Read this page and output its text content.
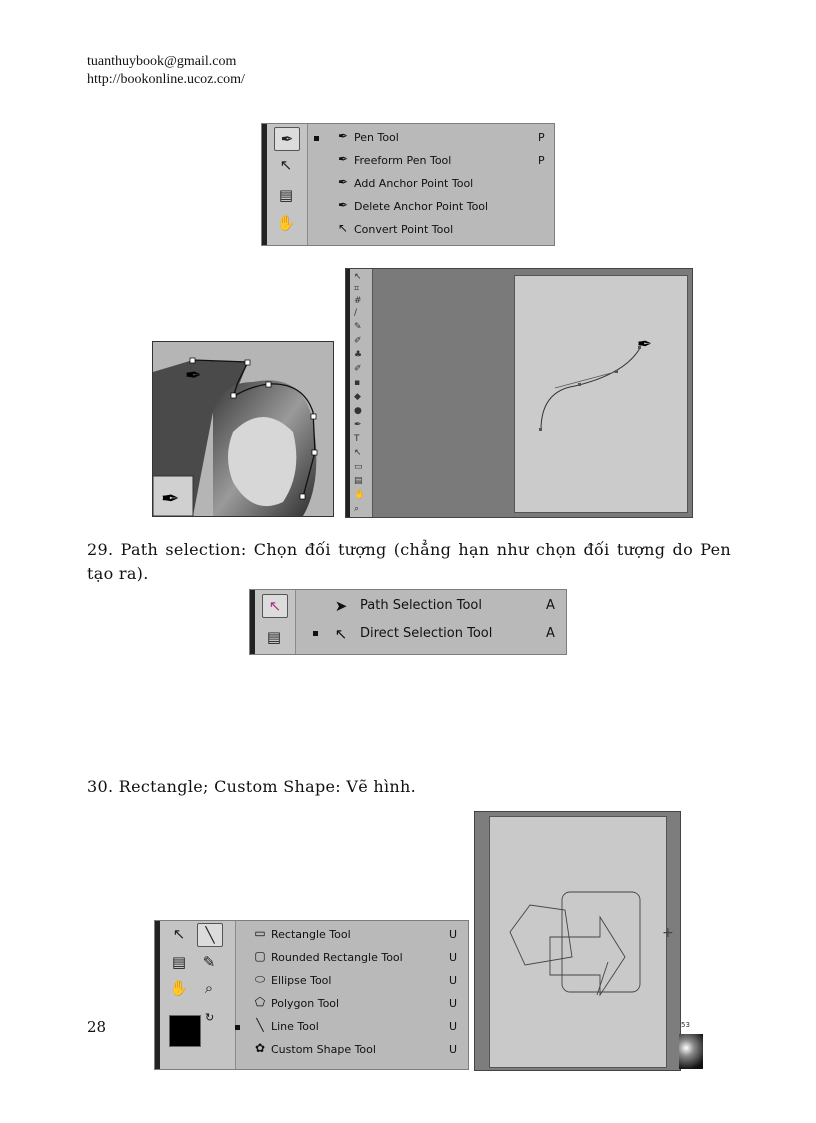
tuanthuybook@gmail.com
http://bookonline.ucoz.com/
✒
↖
▤
✋
✒ Pen Tool	P
✒ Freeform Pen Tool	P
✒ Add Anchor Point Tool
✒ Delete Anchor Point Tool
↖ Convert Point Tool
✒
✒
↖
⌗
#
/
✎
✐
♣
✐
▪
◆
●
✒
T
↖
▭
▤
✋
⌕
✒
29. Path selection: Chọn đối tượng (chẳng hạn như chọn đối tượng do Pen tạo ra).
↖
▤
➤ Path Selection Tool	A
↖ Direct Selection Tool	A
30. Rectangle; Custom Shape: Vẽ hình.
↖	╲
▤	✎
✋	⌕
↻
▭ Rectangle Tool	U
▢ Rounded Rectangle Tool	U
⬭ Ellipse Tool	U
⬠ Polygon Tool	U
╲ Line Tool	U
✿ Custom Shape Tool	U
+
53
28
